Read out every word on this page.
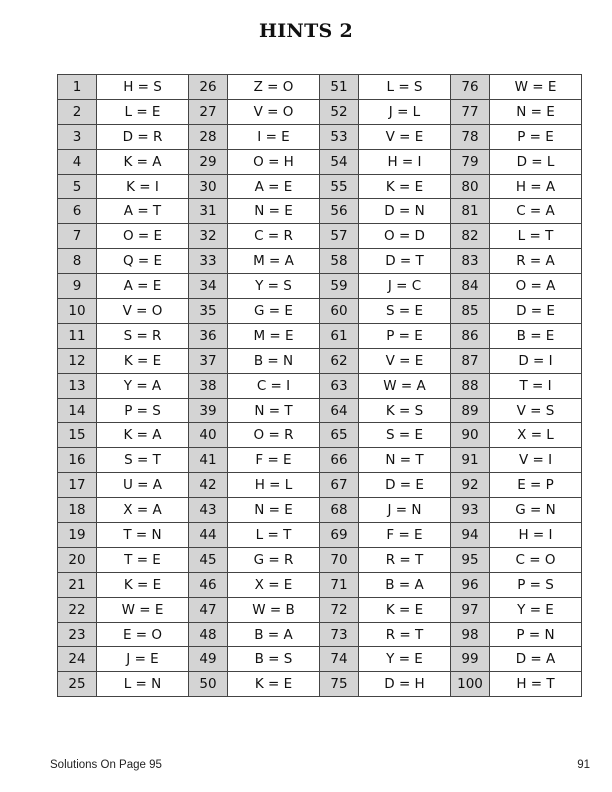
HINTS 2
1	H = S	26	Z = O	51	L = S	76	W = E
2	L = E	27	V = O	52	J = L	77	N = E
3	D = R	28	I = E	53	V = E	78	P = E
4	K = A	29	O = H	54	H = I	79	D = L
5	K = I	30	A = E	55	K = E	80	H = A
6	A = T	31	N = E	56	D = N	81	C = A
7	O = E	32	C = R	57	O = D	82	L = T
8	Q = E	33	M = A	58	D = T	83	R = A
9	A = E	34	Y = S	59	J = C	84	O = A
10	V = O	35	G = E	60	S = E	85	D = E
11	S = R	36	M = E	61	P = E	86	B = E
12	K = E	37	B = N	62	V = E	87	D = I
13	Y = A	38	C = I	63	W = A	88	T = I
14	P = S	39	N = T	64	K = S	89	V = S
15	K = A	40	O = R	65	S = E	90	X = L
16	S = T	41	F = E	66	N = T	91	V = I
17	U = A	42	H = L	67	D = E	92	E = P
18	X = A	43	N = E	68	J = N	93	G = N
19	T = N	44	L = T	69	F = E	94	H = I
20	T = E	45	G = R	70	R = T	95	C = O
21	K = E	46	X = E	71	B = A	96	P = S
22	W = E	47	W = B	72	K = E	97	Y = E
23	E = O	48	B = A	73	R = T	98	P = N
24	J = E	49	B = S	74	Y = E	99	D = A
25	L = N	50	K = E	75	D = H	100	H = T
Solutions On Page 95	91
